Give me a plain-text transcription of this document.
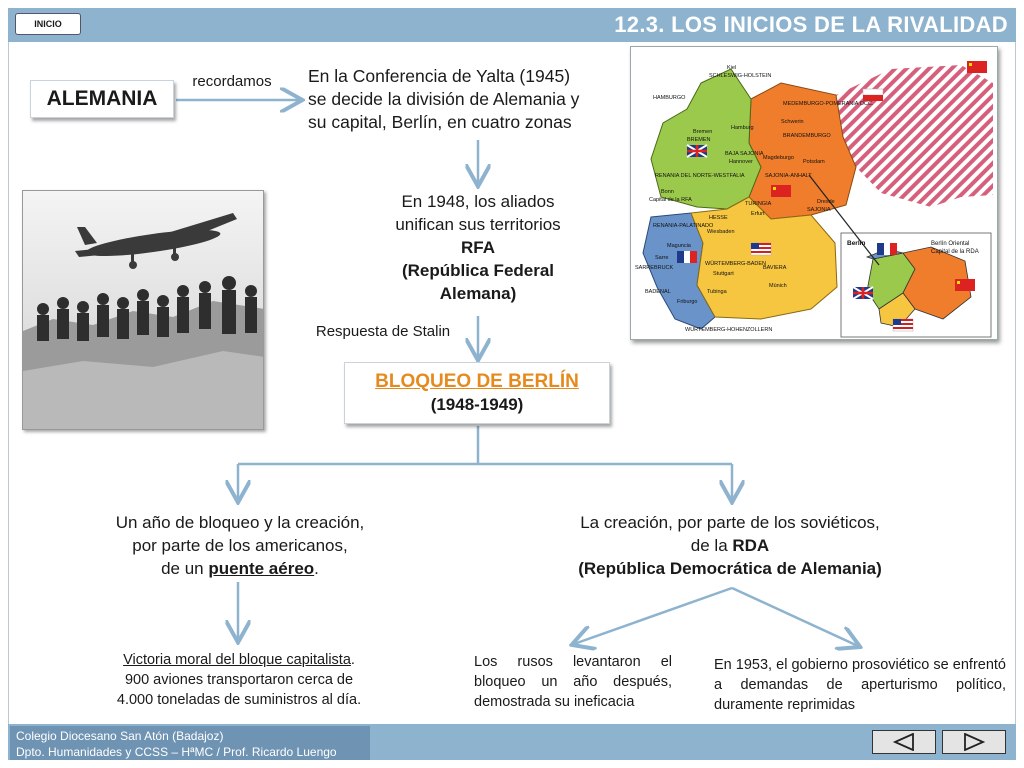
INICIO	12.3. LOS INICIOS DE LA RIVALIDAD
ALEMANIA
recordamos	En la Conferencia de Yalta (1945)
se decide la división de Alemania y
su capital, Berlín, en cuatro zonas
En 1948, los aliados
unifican sus territorios
RFA
(República Federal
Alemana)
Respuesta de Stalin
BLOQUEO DE BERLÍN
(1948-1949)
Un año de bloqueo y la creación,
por parte de los americanos,
de un puente aéreo.
La creación, por parte de los soviéticos,
de la RDA
(República Democrática de Alemania)
Victoria moral del bloque capitalista.
900 aviones transportaron cerca de
4.000 toneladas de suministros al día.
Los rusos levantaron el bloqueo un año después, demostrada su ineficacia
En 1953, el gobierno prosoviético se enfrentó a demandas de aperturismo político, duramente reprimidas
Kiel
SCHLESWIG-HOLSTEIN
HAMBURGO
Hamburg
MEDEMBURGO-POMERANIA OCC.
Schwerin
Bremen
BREMEN
BRANDEMBURGO
BAJA SAJONIA
Hannover
Magdeburgo
Potsdam
RENANIA DEL NORTE-WESTFALIA	SAJONIA-ANHALT
Bonn
Capital de la RFA
HESSE
TURINGIA
Erfurt
Dresde
SAJONIA
RENANIA-PALATINADO
Wiesbaden
Maguncia
SARREBRUCK
Sarre
WÜRTEMBERG-BADEN
Stuttgart
BAVIERA
Múnich
BADENAL
Friburgo
Tubinga
WURTEMBERG-HOHENZOLLERN
Berlín	Berlín Oriental
Capital de la RDA
Colegio Diocesano San Atón (Badajoz)
Dpto. Humanidades y CCSS – HªMC / Prof. Ricardo Luengo
